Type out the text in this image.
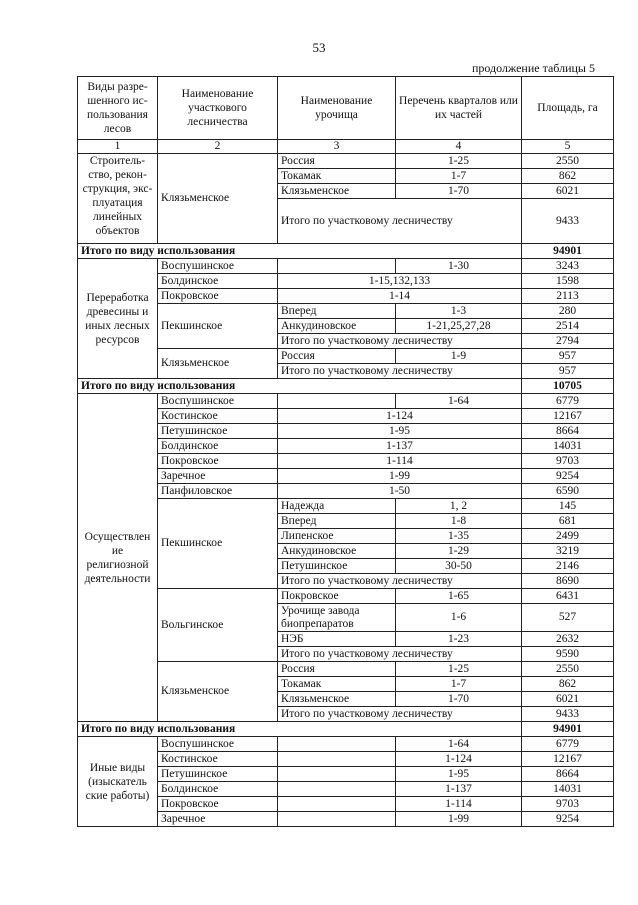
53
продолжение таблицы 5
Виды разре-шенного ис-пользования лесов	Наименование участкового лесничества	Наименование урочища	Перечень кварталов или их частей	Площадь, га
1	2	3	4	5
Строитель-ство, рекон-струкция, экс-плуатация линейных объектов	Клязьменское	Россия	1-25	2550
		Токамак	1-7	862
		Клязьменское	1-70	6021
		Итого по участковому лесничеству		9433
Итого по виду использования				94901
Переработка древесины и иных лесных ресурсов	Воспушинское		1-30	3243
	Болдинское	1-15,132,133		1598
	Покровское	1-14		2113
	Пекшинское	Вперед	1-3	280
		Анкудиновское	1-21,25,27,28	2514
		Итого по участковому лесничеству		2794
	Клязьменское	Россия	1-9	957
		Итого по участковому лесничеству		957
Итого по виду использования				10705
Осуществлен ие религиозной деятельности	Воспушинское		1-64	6779
	Костинское	1-124		12167
	Петушинское	1-95		8664
	Болдинское	1-137		14031
	Покровское	1-114		9703
	Заречное	1-99		9254
	Панфиловское	1-50		6590
	Пекшинское	Надежда	1, 2	145
		Вперед	1-8	681
		Липенское	1-35	2499
		Анкудиновское	1-29	3219
		Петушинское	30-50	2146
		Итого по участковому лесничеству		8690
	Вольгинское	Покровское	1-65	6431
		Урочище завода биопрепаратов	1-6	527
		НЭБ	1-23	2632
		Итого по участковому лесничеству		9590
	Клязьменское	Россия	1-25	2550
		Токамак	1-7	862
		Клязьменское	1-70	6021
		Итого по участковому лесничеству		9433
Итого по виду использования				94901
Иные виды (изыскатель ские работы)	Воспушинское		1-64	6779
	Костинское		1-124	12167
	Петушинское		1-95	8664
	Болдинское		1-137	14031
	Покровское		1-114	9703
	Заречное		1-99	9254
